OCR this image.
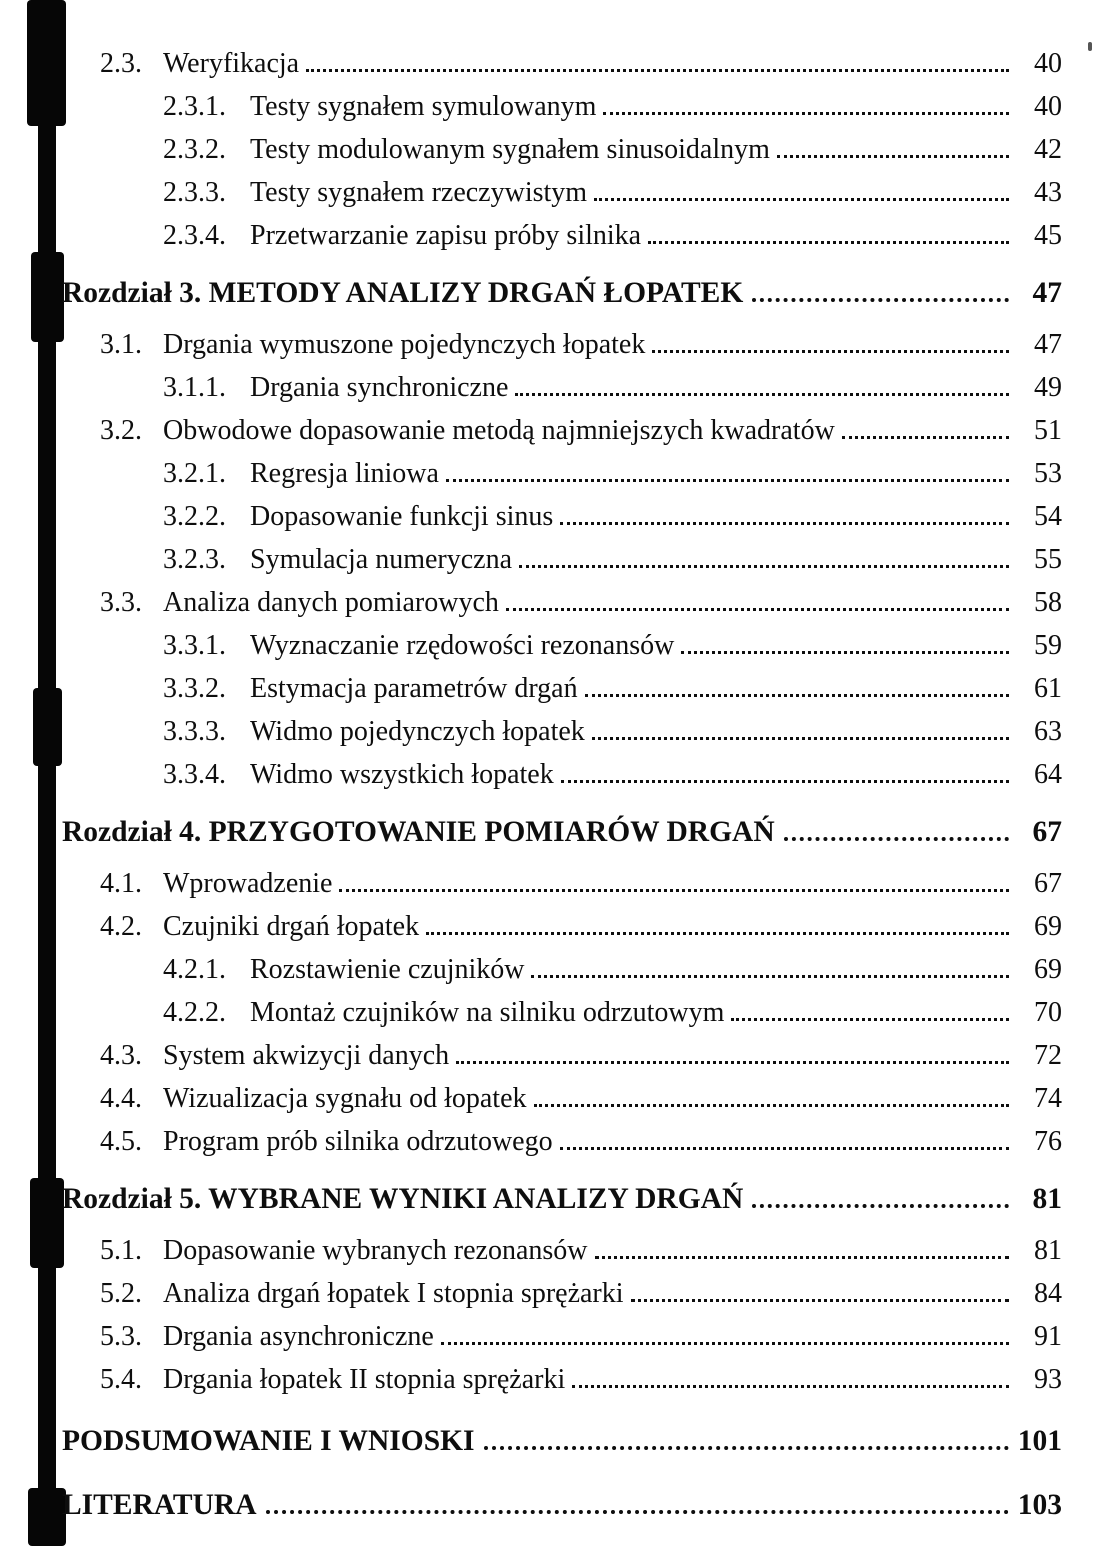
2.3. Weryfikacja	40
2.3.1. Testy sygnałem symulowanym	40
2.3.2. Testy modulowanym sygnałem sinusoidalnym	42
2.3.3. Testy sygnałem rzeczywistym	43
2.3.4. Przetwarzanie zapisu próby silnika	45
Rozdział 3. METODY ANALIZY DRGAŃ ŁOPATEK	47
3.1. Drgania wymuszone pojedynczych łopatek	47
3.1.1. Drgania synchroniczne	49
3.2. Obwodowe dopasowanie metodą najmniejszych kwadratów	51
3.2.1. Regresja liniowa	53
3.2.2. Dopasowanie funkcji sinus	54
3.2.3. Symulacja numeryczna	55
3.3. Analiza danych pomiarowych	58
3.3.1. Wyznaczanie rzędowości rezonansów	59
3.3.2. Estymacja parametrów drgań	61
3.3.3. Widmo pojedynczych łopatek	63
3.3.4. Widmo wszystkich łopatek	64
Rozdział 4. PRZYGOTOWANIE POMIARÓW DRGAŃ	67
4.1. Wprowadzenie	67
4.2. Czujniki drgań łopatek	69
4.2.1. Rozstawienie czujników	69
4.2.2. Montaż czujników na silniku odrzutowym	70
4.3. System akwizycji danych	72
4.4. Wizualizacja sygnału od łopatek	74
4.5. Program prób silnika odrzutowego	76
Rozdział 5. WYBRANE WYNIKI ANALIZY DRGAŃ	81
5.1. Dopasowanie wybranych rezonansów	81
5.2. Analiza drgań łopatek I stopnia sprężarki	84
5.3. Drgania asynchroniczne	91
5.4. Drgania łopatek II stopnia sprężarki	93
PODSUMOWANIE I WNIOSKI	101
LITERATURA	103
